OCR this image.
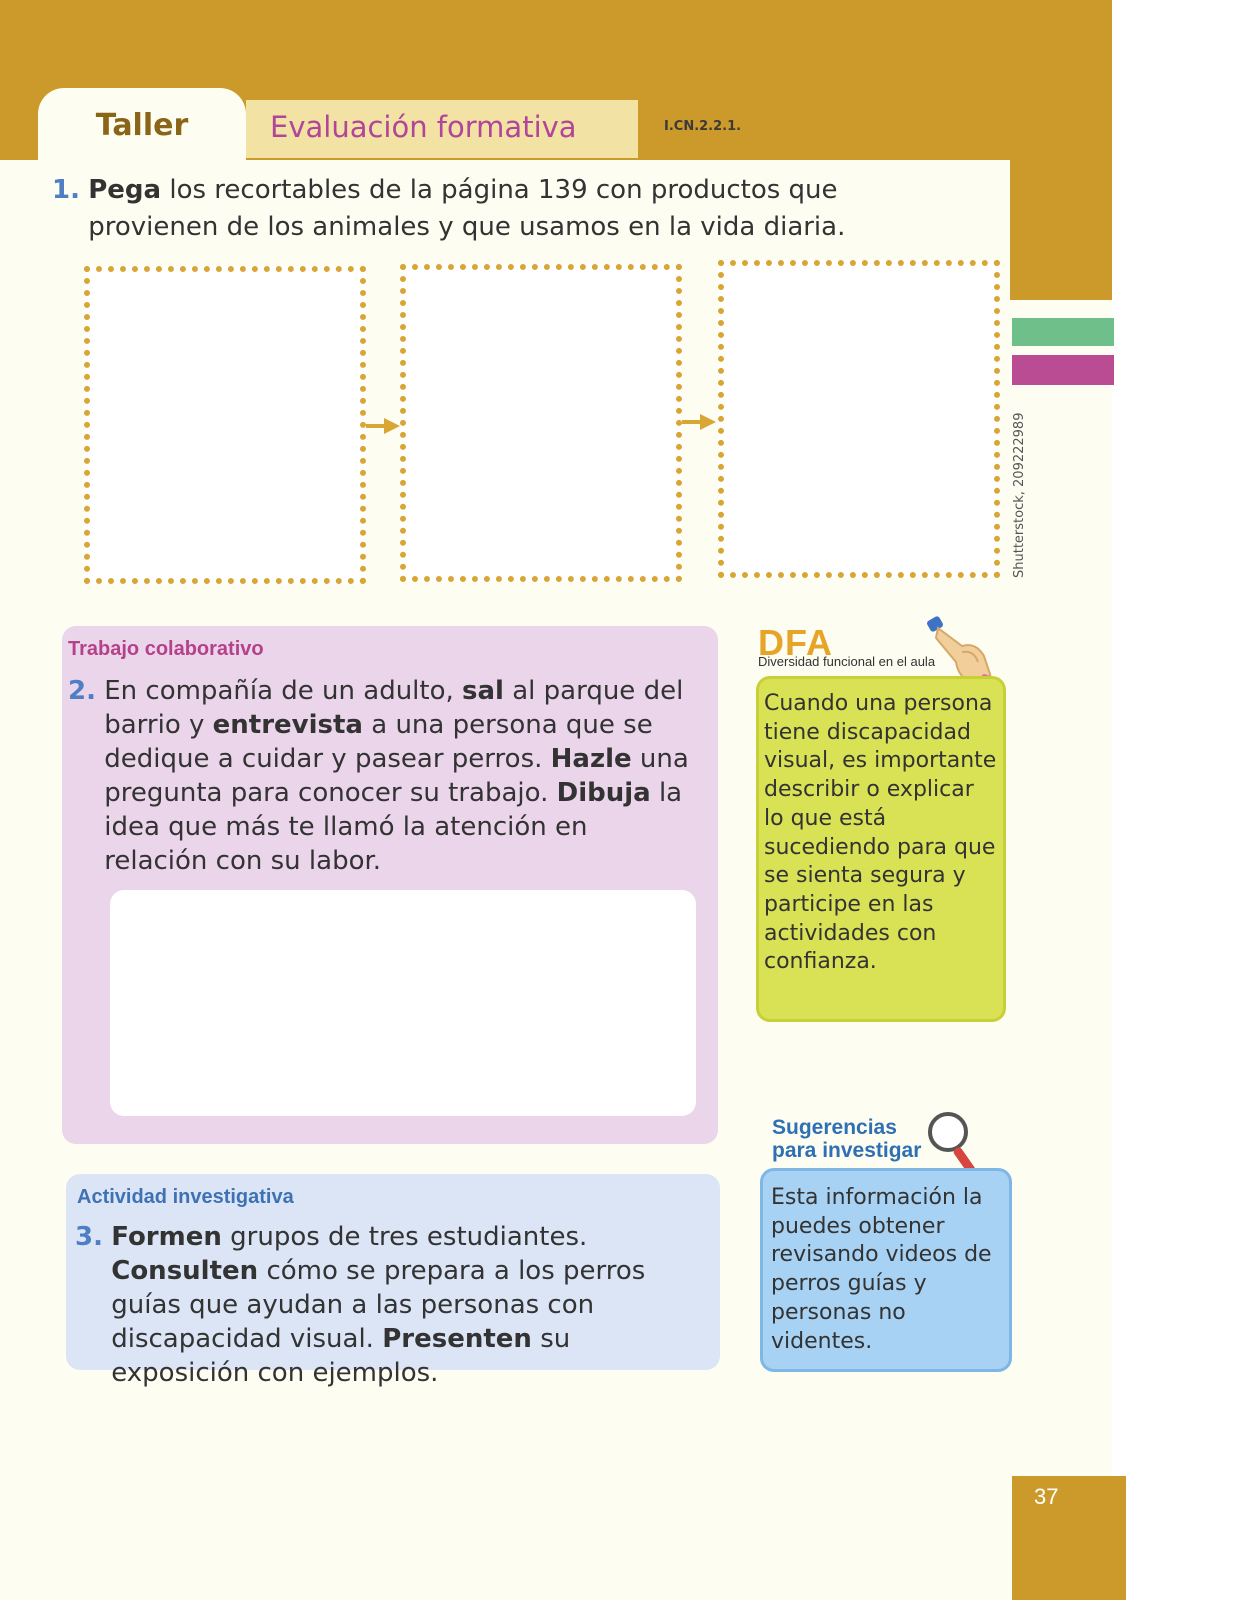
Taller	Evaluación formativa	I.CN.2.2.1.
1. Pega los recortables de la página 139 con productos que
provienen de los animales y que usamos en la vida diaria.
Shutterstock, 209222989
Trabajo colaborativo
2. En compañía de un adulto, sal al parque del barrio y entrevista a una persona que se dedique a cuidar y pasear perros. Hazle una pregunta para conocer su trabajo. Dibuja la idea que más te llamó la atención en relación con su labor.
Actividad investigativa
3. Formen grupos de tres estudiantes. Consulten cómo se prepara a los perros guías que ayudan a las personas con discapacidad visual. Presenten su exposición con ejemplos.
DFA
Diversidad funcional en el aula
Cuando una persona tiene discapacidad visual, es importante describir o explicar lo que está sucediendo para que se sienta segura y participe en las actividades con confianza.
Sugerencias para investigar
Esta información la puedes obtener revisando videos de perros guías y personas no videntes.
37
